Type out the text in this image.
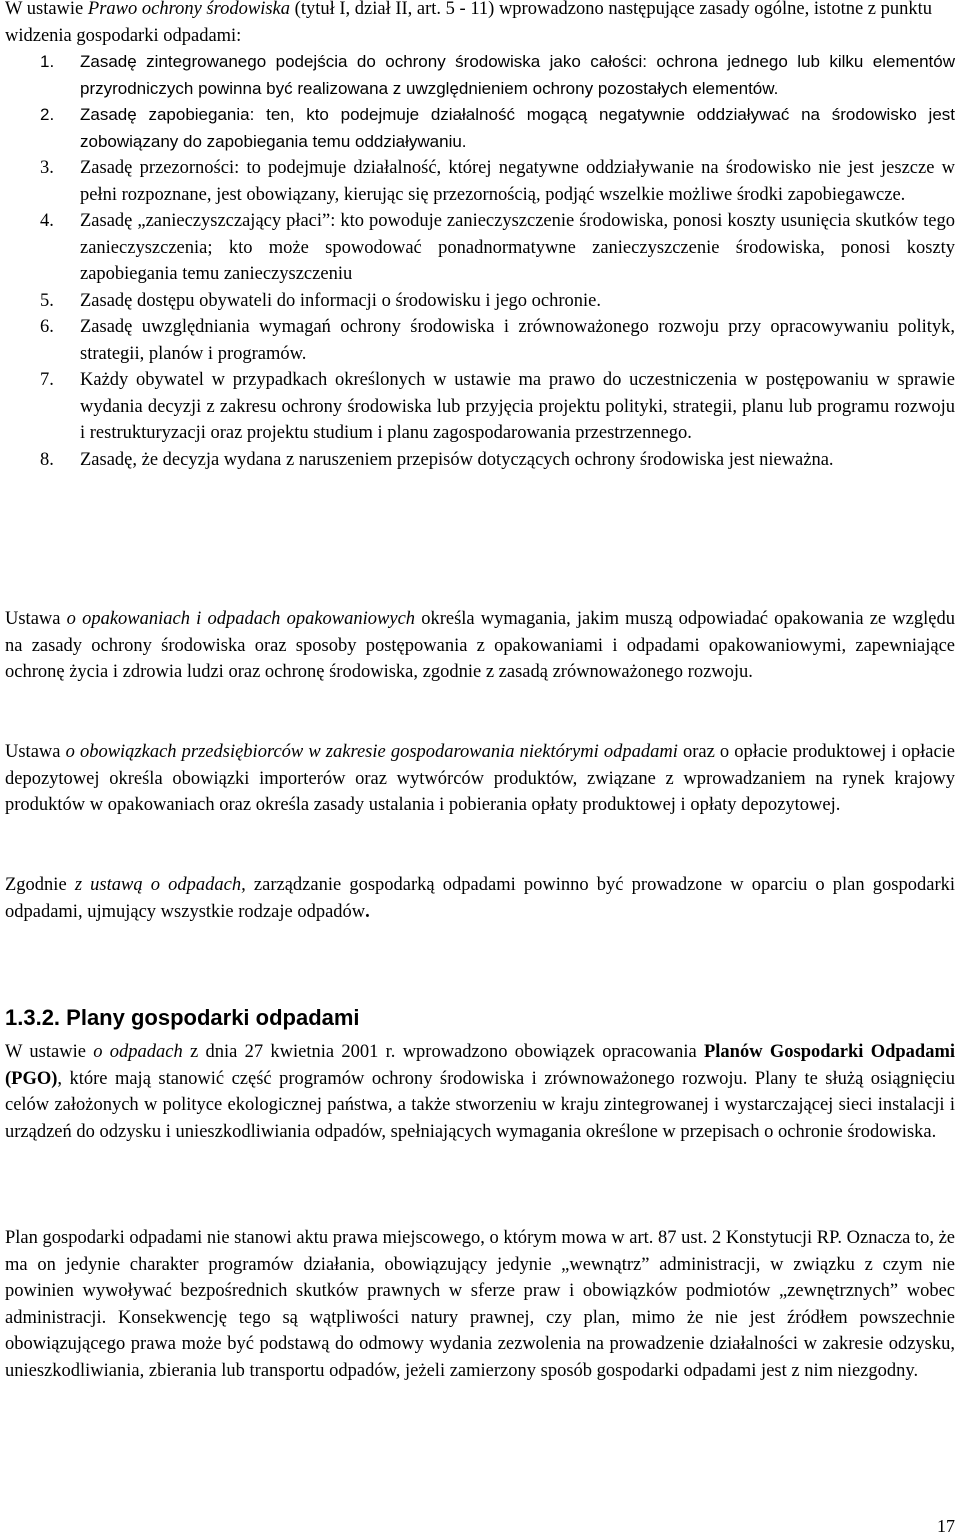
W ustawie Prawo ochrony środowiska (tytuł I, dział II, art. 5 - 11) wprowadzono następujące zasady ogólne, istotne z punktu widzenia gospodarki odpadami:

1. Zasadę zintegrowanego podejścia do ochrony środowiska jako całości: ochrona jednego lub kilku elementów przyrodniczych powinna być realizowana z uwzględnieniem ochrony pozostałych elementów.
2. Zasadę zapobiegania: ten, kto podejmuje działalność mogącą negatywnie oddziaływać na środowisko jest zobowiązany do zapobiegania temu oddziaływaniu.
3. Zasadę przezorności: to podejmuje działalność, której negatywne oddziaływanie na środowisko nie jest jeszcze w pełni rozpoznane, jest obowiązany, kierując się przezornością, podjąć wszelkie możliwe środki zapobiegawcze.
4. Zasadę „zanieczyszczający płaci”: kto powoduje zanieczyszczenie środowiska, ponosi koszty usunięcia skutków tego zanieczyszczenia; kto może spowodować ponadnormatywne zanieczyszczenie środowiska, ponosi koszty zapobiegania temu zanieczyszczeniu
5. Zasadę dostępu obywateli do informacji o środowisku i jego ochronie.
6. Zasadę uwzględniania wymagań ochrony środowiska i zrównoważonego rozwoju przy opracowywaniu polityk, strategii, planów i programów.
7. Każdy obywatel w przypadkach określonych w ustawie ma prawo do uczestniczenia w postępowaniu w sprawie wydania decyzji z zakresu ochrony środowiska lub przyjęcia projektu polityki, strategii, planu lub programu rozwoju i restrukturyzacji oraz projektu studium i planu zagospodarowania przestrzennego.
8. Zasadę, że decyzja wydana z naruszeniem przepisów dotyczących ochrony środowiska jest nieważna.

Ustawa o opakowaniach i odpadach opakowaniowych określa wymagania, jakim muszą odpowiadać opakowania ze względu na zasady ochrony środowiska oraz sposoby postępowania z opakowaniami i odpadami opakowaniowymi, zapewniające ochronę życia i zdrowia ludzi oraz ochronę środowiska, zgodnie z zasadą zrównoważonego rozwoju.

Ustawa o obowiązkach przedsiębiorców w zakresie gospodarowania niektórymi odpadami oraz o opłacie produktowej i opłacie depozytowej określa obowiązki importerów oraz wytwórców produktów, związane z wprowadzaniem na rynek krajowy produktów w opakowaniach oraz określa zasady ustalania i pobierania opłaty produktowej i opłaty depozytowej.

Zgodnie z ustawą o odpadach, zarządzanie gospodarką odpadami powinno być prowadzone w oparciu o plan gospodarki odpadami, ujmujący wszystkie rodzaje odpadów.

1.3.2. Plany gospodarki odpadami

W ustawie o odpadach z dnia 27 kwietnia 2001 r. wprowadzono obowiązek opracowania Planów Gospodarki Odpadami (PGO), które mają stanowić część programów ochrony środowiska i zrównoważonego rozwoju. Plany te służą osiągnięciu celów założonych w polityce ekologicznej państwa, a także stworzeniu w kraju zintegrowanej i wystarczającej sieci instalacji i urządzeń do odzysku i unieszkodliwiania odpadów, spełniających wymagania określone w przepisach o ochronie środowiska.

Plan gospodarki odpadami nie stanowi aktu prawa miejscowego, o którym mowa w art. 87 ust. 2 Konstytucji RP. Oznacza to, że ma on jedynie charakter programów działania, obowiązujący jedynie „wewnątrz” administracji, w związku z czym nie powinien wywoływać bezpośrednich skutków prawnych w sferze praw i obowiązków podmiotów „zewnętrznych” wobec administracji. Konsekwencję tego są wątpliwości natury prawnej, czy plan, mimo że nie jest źródłem powszechnie obowiązującego prawa może być podstawą do odmowy wydania zezwolenia na prowadzenie działalności w zakresie odzysku, unieszkodliwiania, zbierania lub transportu odpadów, jeżeli zamierzony sposób gospodarki odpadami jest z nim niezgodny.

17
